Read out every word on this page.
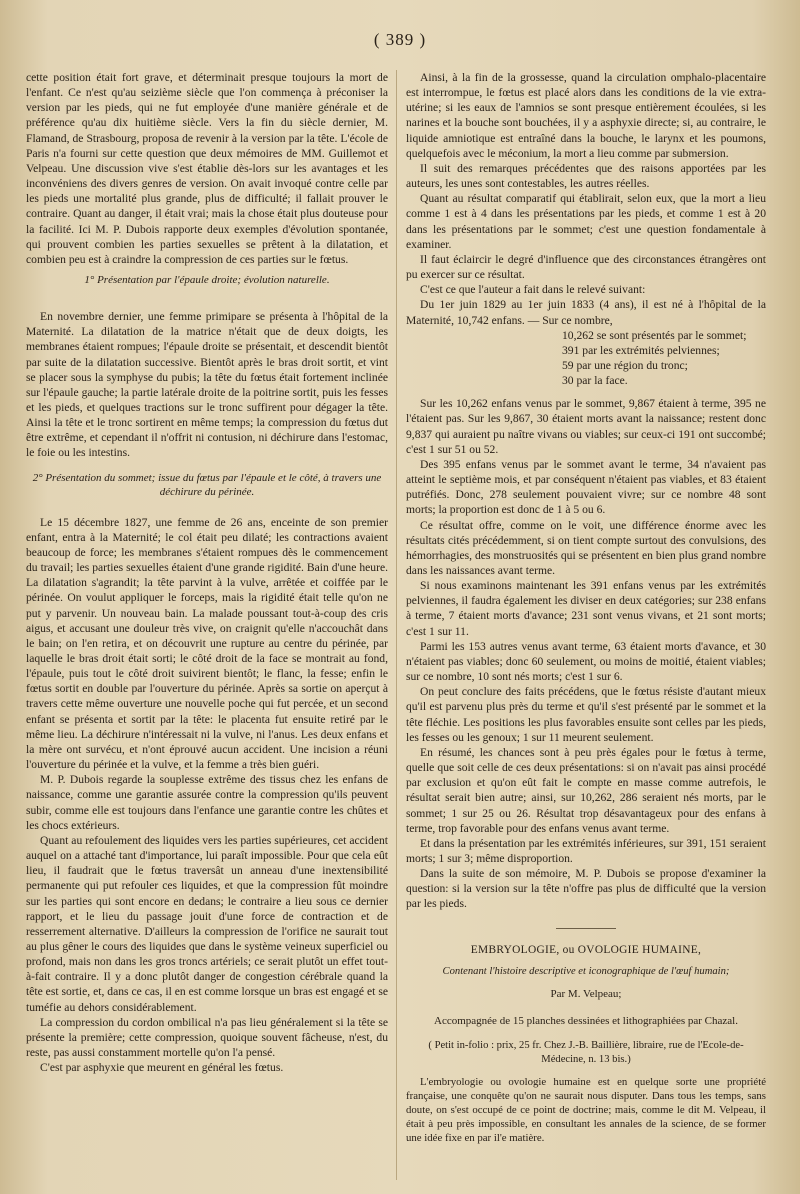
( 389 )

cette position était fort grave, et déterminait presque toujours la mort de l'enfant. Ce n'est qu'au seizième siècle que l'on commença à préconiser la version par les pieds, qui ne fut employée d'une manière générale et de préférence qu'au dix huitième siècle. Vers la fin du siècle dernier, M. Flamand, de Strasbourg, proposa de revenir à la version par la tête. L'école de Paris n'a fourni sur cette question que deux mémoires de MM. Guillemot et Velpeau. Une discussion vive s'est établie dès-lors sur les avantages et les inconvéniens des divers genres de version. On avait invoqué contre celle par les pieds une mortalité plus grande, plus de difficulté; il fallait prouver le contraire. Quant au danger, il était vrai; mais la chose était plus douteuse pour la facilité. Ici M. P. Dubois rapporte deux exemples d'évolution spontanée, qui prouvent combien les parties sexuelles se prêtent à la dilatation, et combien peu est à craindre la compression de ces parties sur le fœtus.

1° Présentation par l'épaule droite; évolution naturelle.

En novembre dernier, une femme primipare se présenta à l'hôpital de la Maternité. La dilatation de la matrice n'était que de deux doigts, les membranes étaient rompues; l'épaule droite se présentait, et descendit bientôt par suite de la dilatation successive. Bientôt après le bras droit sortit, et vint se placer sous la symphyse du pubis; la tête du fœtus était fortement inclinée sur l'épaule gauche; la partie latérale droite de la poitrine sortit, puis les fesses et les pieds, et quelques tractions sur le tronc suffirent pour dégager la tête. Ainsi la tête et le tronc sortirent en même temps; la compression du fœtus dut être extrême, et cependant il n'offrit ni contusion, ni déchirure dans l'estomac, le foie ou les intestins.

2° Présentation du sommet; issue du fœtus par l'épaule et le côté, à travers une déchirure du périnée.

Le 15 décembre 1827, une femme de 26 ans, enceinte de son premier enfant, entra à la Maternité; le col était peu dilaté; les contractions avaient beaucoup de force; les membranes s'étaient rompues dès le commencement du travail; les parties sexuelles étaient d'une grande rigidité. Bain d'une heure. La dilatation s'agrandit; la tête parvint à la vulve, arrêtée et coiffée par le périnée. On voulut appliquer le forceps, mais la rigidité était telle qu'on ne put y parvenir. Un nouveau bain. La malade poussant tout-à-coup des cris aigus, et accusant une douleur très vive, on craignit qu'elle n'accouchât dans le bain; on l'en retira, et on découvrit une rupture au centre du périnée, par laquelle le bras droit était sorti; le côté droit de la face se montrait au fond, l'épaule, puis tout le côté droit suivirent bientôt; le flanc, la fesse; enfin le fœtus sortit en double par l'ouverture du périnée. Après sa sortie on aperçut à travers cette même ouverture une nouvelle poche qui fut percée, et un second enfant se présenta et sortit par la tête: le placenta fut ensuite retiré par le même lieu. La déchirure n'intéressait ni la vulve, ni l'anus. Les deux enfans et la mère ont survécu, et n'ont éprouvé aucun accident. Une incision a réuni l'ouverture du périnée et la vulve, et la femme a très bien guéri.

M. P. Dubois regarde la souplesse extrême des tissus chez les enfans de naissance, comme une garantie assurée contre la compression qu'ils peuvent subir, comme elle est toujours dans l'enfance une garantie contre les chûtes et les chocs extérieurs.

Quant au refoulement des liquides vers les parties supérieures, cet accident auquel on a attaché tant d'importance, lui paraît impossible. Pour que cela eût lieu, il faudrait que le fœtus traversât un anneau d'une inextensibilité permanente qui put refouler ces liquides, et que la compression fût moindre sur les parties qui sont encore en dedans; le contraire a lieu sous ce dernier rapport, et le lieu du passage jouit d'une force de contraction et de resserrement alternative. D'ailleurs la compression de l'orifice ne saurait tout au plus gêner le cours des liquides que dans le système veineux superficiel ou profond, mais non dans les gros troncs artériels; ce serait plutôt un effet tout-à-fait contraire. Il y a donc plutôt danger de congestion cérébrale quand la tête est sortie, et, dans ce cas, il en est comme lorsque un bras est engagé et se tuméfie au dehors considérablement.

La compression du cordon ombilical n'a pas lieu généralement si la tête se présente la première; cette compression, quoique souvent fâcheuse, n'est, du reste, pas aussi constamment mortelle qu'on l'a pensé.

C'est par asphyxie que meurent en général les fœtus.

Ainsi, à la fin de la grossesse, quand la circulation omphalo-placentaire est interrompue, le fœtus est placé alors dans les conditions de la vie extra-utérine; si les eaux de l'amnios se sont presque entièrement écoulées, si les narines et la bouche sont bouchées, il y a asphyxie directe; si, au contraire, le liquide amniotique est entraîné dans la bouche, le larynx et les poumons, quelquefois avec le méconium, la mort a lieu comme par submersion.

Il suit des remarques précédentes que des raisons apportées par les auteurs, les unes sont contestables, les autres réelles.

Quant au résultat comparatif qui établirait, selon eux, que la mort a lieu comme 1 est à 4 dans les présentations par les pieds, et comme 1 est à 20 dans les présentations par le sommet; c'est une question fondamentale à examiner.

Il faut éclaircir le degré d'influence que des circonstances étrangères ont pu exercer sur ce résultat.

C'est ce que l'auteur a fait dans le relevé suivant:

Du 1er juin 1829 au 1er juin 1833 (4 ans), il est né à l'hôpital de la Maternité, 10,742 enfans. — Sur ce nombre,
10,262 se sont présentés par le sommet;
391 par les extrémités pelviennes;
59 par une région du tronc;
30 par la face.

Sur les 10,262 enfans venus par le sommet, 9,867 étaient à terme, 395 ne l'étaient pas. Sur les 9,867, 30 étaient morts avant la naissance; restent donc 9,837 qui auraient pu naître vivans ou viables; sur ceux-ci 191 ont succombé; c'est 1 sur 51 ou 52.

Des 395 enfans venus par le sommet avant le terme, 34 n'avaient pas atteint le septième mois, et par conséquent n'étaient pas viables, et 83 étaient putréfiés. Donc, 278 seulement pouvaient vivre; sur ce nombre 48 sont morts; la proportion est donc de 1 à 5 ou 6.

Ce résultat offre, comme on le voit, une différence énorme avec les résultats cités précédemment, si on tient compte surtout des convulsions, des hémorrhagies, des monstruosités qui se présentent en bien plus grand nombre dans les naissances avant terme.

Si nous examinons maintenant les 391 enfans venus par les extrémités pelviennes, il faudra également les diviser en deux catégories; sur 238 enfans à terme, 7 étaient morts d'avance; 231 sont venus vivans, et 21 sont morts; c'est 1 sur 11.

Parmi les 153 autres venus avant terme, 63 étaient morts d'avance, et 30 n'étaient pas viables; donc 60 seulement, ou moins de moitié, étaient viables; sur ce nombre, 10 sont nés morts; c'est 1 sur 6.

On peut conclure des faits précédens, que le fœtus résiste d'autant mieux qu'il est parvenu plus près du terme et qu'il s'est présenté par le sommet et la tête fléchie. Les positions les plus favorables ensuite sont celles par les pieds, les fesses ou les genoux; 1 sur 11 meurent seulement.

En résumé, les chances sont à peu près égales pour le fœtus à terme, quelle que soit celle de ces deux présentations: si on n'avait pas ainsi procédé par exclusion et qu'on eût fait le compte en masse comme autrefois, le résultat serait bien autre; ainsi, sur 10,262, 286 seraient nés morts, par le sommet; 1 sur 25 ou 26. Résultat trop désavantageux pour des enfans à terme, trop favorable pour des enfans venus avant terme.

Et dans la présentation par les extrémités inférieures, sur 391, 151 seraient morts; 1 sur 3; même disproportion.

Dans la suite de son mémoire, M. P. Dubois se propose d'examiner la question: si la version sur la tête n'offre pas plus de difficulté que la version par les pieds.

EMBRYOLOGIE, ou OVOLOGIE HUMAINE,
Contenant l'histoire descriptive et iconographique de l'œuf humain;
Par M. Velpeau;
Accompagnée de 15 planches dessinées et lithographiées par Chazal.
( Petit in-folio : prix, 25 fr. Chez J.-B. Baillière, libraire, rue de l'Ecole-de-Médecine, n. 13 bis.)

L'embryologie ou ovologie humaine est en quelque sorte une propriété française, une conquête qu'on ne saurait nous disputer. Dans tous les temps, sans doute, on s'est occupé de ce point de doctrine; mais, comme le dit M. Velpeau, il était à peu près impossible, en consultant les annales de la science, de se former une idée fixe en par il'e matière.
